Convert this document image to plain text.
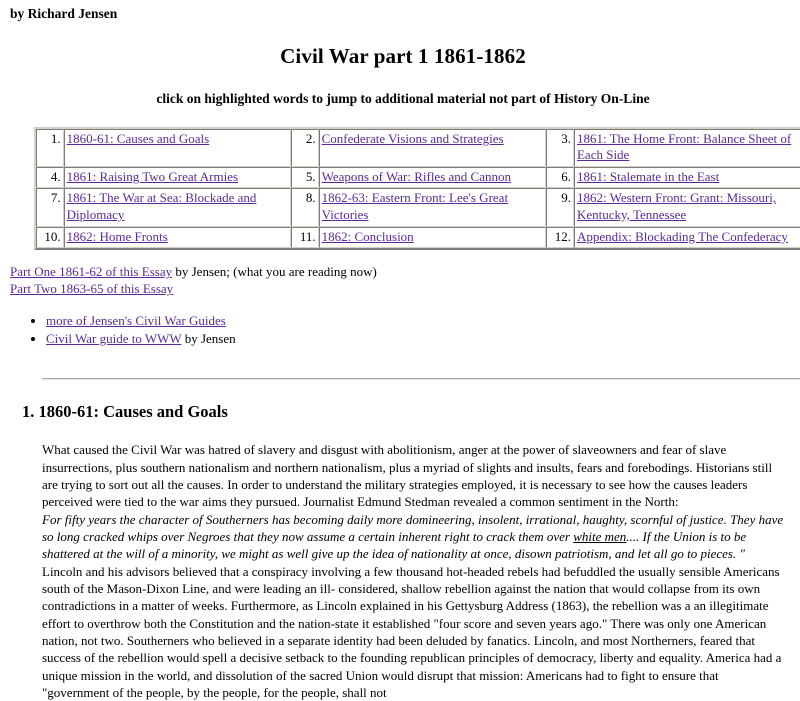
by Richard Jensen
Civil War part 1 1861-1862
click on highlighted words to jump to additional material not part of History On-Line
1.	1860-61: Causes and Goals	2.	Confederate Visions and Strategies	3.	1861: The Home Front: Balance Sheet of Each Side
4.	1861: Raising Two Great Armies	5.	Weapons of War: Rifles and Cannon	6.	1861: Stalemate in the East
7.	1861: The War at Sea: Blockade and Diplomacy	8.	1862-63: Eastern Front: Lee's Great Victories	9.	1862: Western Front: Grant: Missouri, Kentucky, Tennessee
10.	1862: Home Fronts	11.	1862: Conclusion	12.	Appendix: Blockading The Confederacy
Part One 1861-62 of this Essay by Jensen; (what you are reading now)
Part Two 1863-65 of this Essay
• more of Jensen's Civil War Guides
• Civil War guide to WWW by Jensen
1. 1860-61: Causes and Goals

What caused the Civil War was hatred of slavery and disgust with abolitionism, anger at the power of slaveowners and fear of slave insurrections, plus southern nationalism and northern nationalism, plus a myriad of slights and insults, fears and forebodings. Historians still are trying to sort out all the causes. In order to understand the military strategies employed, it is necessary to see how the causes leaders perceived were tied to the war aims they pursued. Journalist Edmund Stedman revealed a common sentiment in the North:

For fifty years the character of Southerners has becoming daily more domineering, insolent, irrational, haughty, scornful of justice. They have so long cracked whips over Negroes that they now assume a certain inherent right to crack them over white men.... If the Union is to be shattered at the will of a minority, we might as well give up the idea of nationality at once, disown patriotism, and let all go to pieces. "

Lincoln and his advisors believed that a conspiracy involving a few thousand hot-headed rebels had befuddled the usually sensible Americans south of the Mason-Dixon Line, and were leading an ill- considered, shallow rebellion against the nation that would collapse from its own contradictions in a matter of weeks. Furthermore, as Lincoln explained in his Gettysburg Address (1863), the rebellion was a an illegitimate effort to overthrow both the Constitution and the nation-state it established "four score and seven years ago." There was only one American nation, not two. Southerners who believed in a separate identity had been deluded by fanatics. Lincoln, and most Northerners, feared that success of the rebellion would spell a decisive setback to the founding republican principles of democracy, liberty and equality. America had a unique mission in the world, and dissolution of the sacred Union would disrupt that mission: Americans had to fight to ensure that "government of the people, by the people, for the people, shall not
